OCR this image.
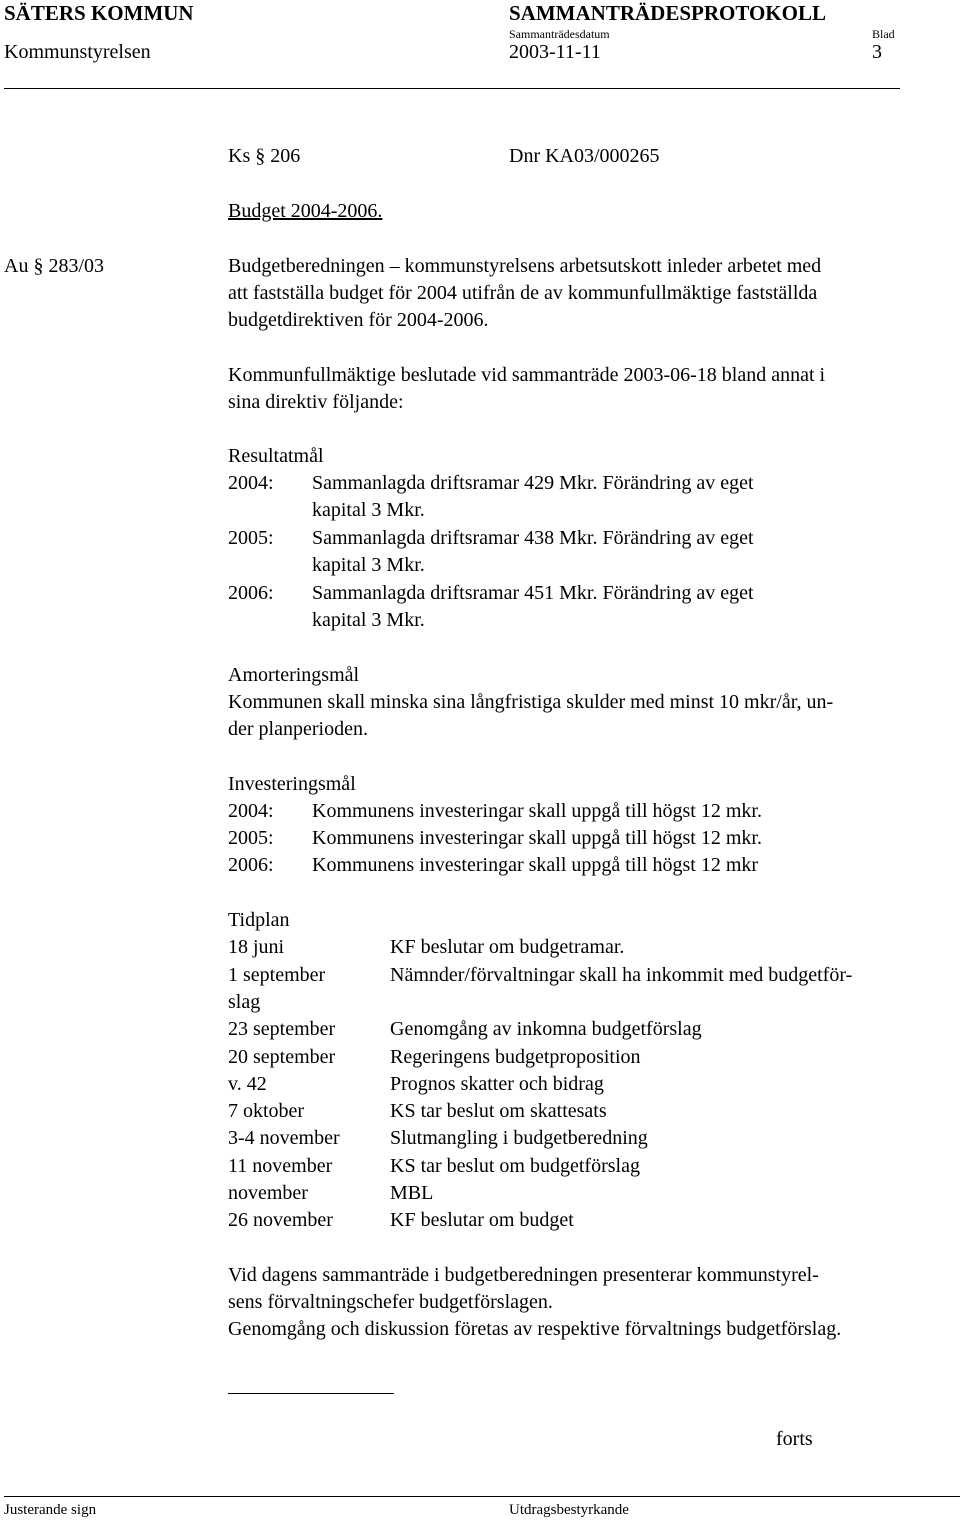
SÄTERS KOMMUN	SAMMANTRÄDESPROTOKOLL
Sammanträdesdatum	Blad
Kommunstyrelsen	2003-11-11	3
Ks § 206	Dnr KA03/000265
Budget 2004-2006.
Au § 283/03	Budgetberedningen – kommunstyrelsens arbetsutskott inleder arbetet med
att fastställa budget för 2004 utifrån de av kommunfullmäktige fastställda
budgetdirektiven för 2004-2006.
Kommunfullmäktige beslutade vid sammanträde 2003-06-18 bland annat i
sina direktiv följande:
Resultatmål
2004: Sammanlagda driftsramar 429 Mkr. Förändring av eget
kapital 3 Mkr.
2005: Sammanlagda driftsramar 438 Mkr. Förändring av eget
kapital 3 Mkr.
2006: Sammanlagda driftsramar 451 Mkr. Förändring av eget
kapital 3 Mkr.
Amorteringsmål
Kommunen skall minska sina långfristiga skulder med minst 10 mkr/år, un-
der planperioden.
Investeringsmål
2004: Kommunens investeringar skall uppgå till högst 12 mkr.
2005: Kommunens investeringar skall uppgå till högst 12 mkr.
2006: Kommunens investeringar skall uppgå till högst 12 mkr
Tidplan
18 juni	KF beslutar om budgetramar.
1 september	Nämnder/förvaltningar skall ha inkommit med budgetför-
slag
23 september	Genomgång av inkomna budgetförslag
20 september	Regeringens budgetproposition
v. 42	Prognos skatter och bidrag
7 oktober	KS tar beslut om skattesats
3-4 november	Slutmangling i budgetberedning
11 november	KS tar beslut om budgetförslag
november	MBL
26 november	KF beslutar om budget
Vid dagens sammanträde i budgetberedningen presenterar kommunstyrel-
sens förvaltningschefer budgetförslagen.
Genomgång och diskussion företas av respektive förvaltnings budgetförslag.
forts
Justerande sign	Utdragsbestyrkande
